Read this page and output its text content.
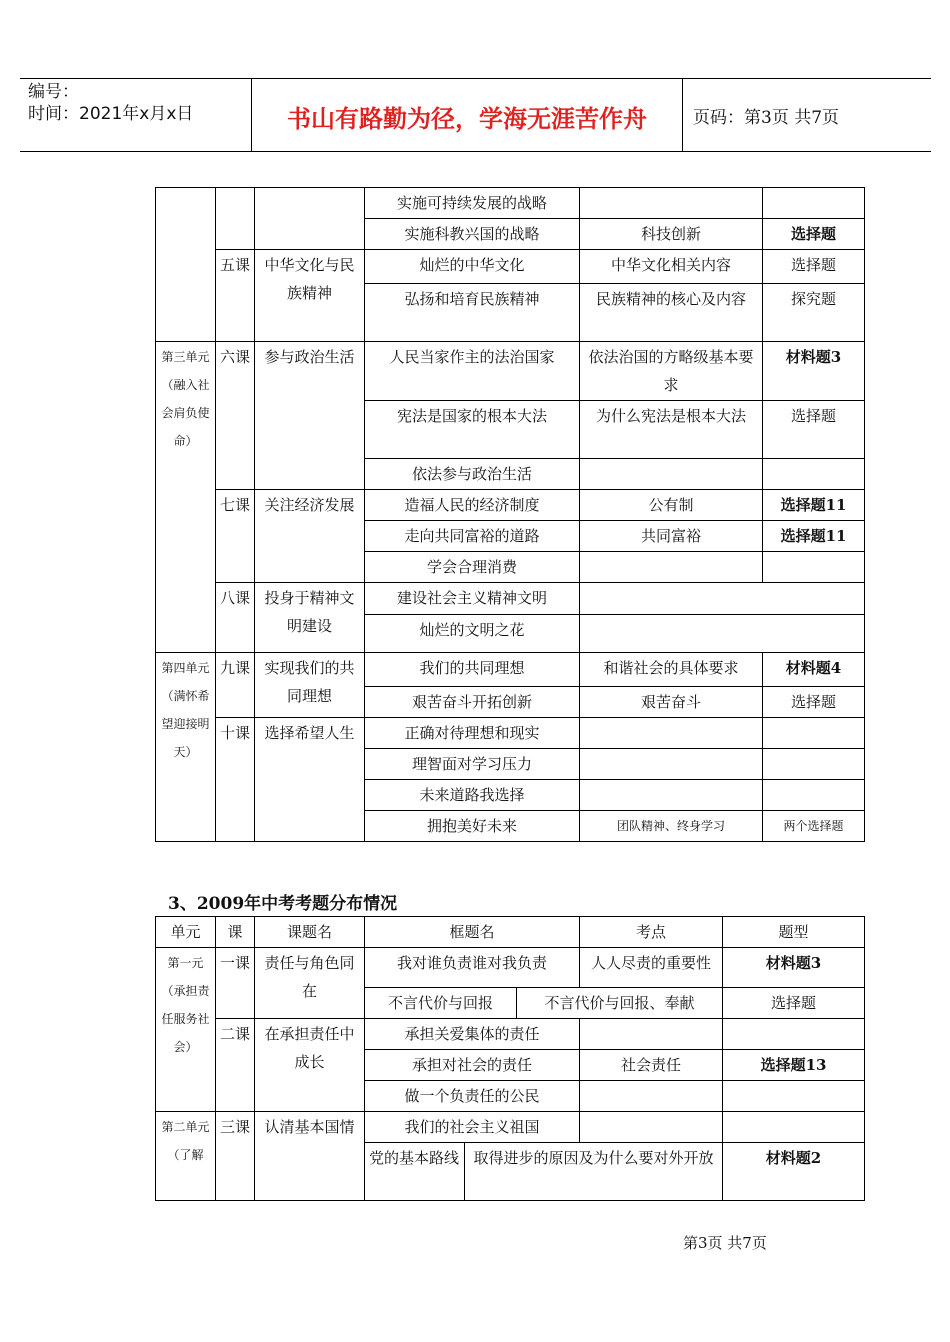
编号：
时间：2021年x月x日	书山有路勤为径，学海无涯苦作舟	页码：第3页 共7页
			实施可持续发展的战略		
			实施科教兴国的战略	科技创新	选择题
	五课	中华文化与民族精神	灿烂的中华文化	中华文化相关内容	选择题
			弘扬和培育民族精神	民族精神的核心及内容	探究题
第三单元（融入社会肩负使命）	六课	参与政治生活	人民当家作主的法治国家	依法治国的方略级基本要求	材料题3
			宪法是国家的根本大法	为什么宪法是根本大法	选择题
			依法参与政治生活		
	七课	关注经济发展	造福人民的经济制度	公有制	选择题11
			走向共同富裕的道路	共同富裕	选择题11
			学会合理消费		
	八课	投身于精神文明建设	建设社会主义精神文明		
			灿烂的文明之花		
第四单元（满怀希望迎接明天）	九课	实现我们的共同理想	我们的共同理想	和谐社会的具体要求	材料题4
			艰苦奋斗开拓创新	艰苦奋斗	选择题
	十课	选择希望人生	正确对待理想和现实		
			理智面对学习压力		
			未来道路我选择		
			拥抱美好未来	团队精神、终身学习	两个选择题
3、2009年中考考题分布情况
单元	课	课题名	框题名			考点	题型
第一元（承担责任服务社会）	一课	责任与角色同在	我对谁负责谁对我负责			人人尽责的重要性	材料题3
			不言代价与回报		不言代价与回报、奉献		选择题
	二课	在承担责任中成长	承担关爱集体的责任				
			承担对社会的责任			社会责任	选择题13
			做一个负责任的公民				
第二单元（了解	三课	认清基本国情	我们的社会主义祖国				
			党的基本路线	取得进步的原因及为什么要对外开放			材料题2
第3页 共7页
